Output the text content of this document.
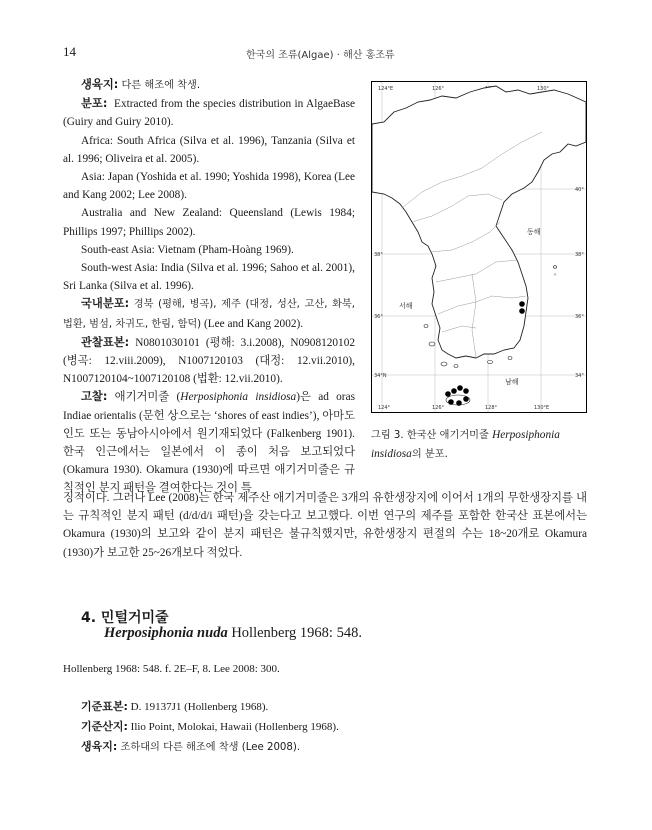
14	한국의 조류(Algae) · 해산 홍조류

생육지: 다른 해조에 착생.

분포: Extracted from the species distribution in AlgaeBase (Guiry and Guiry 2010).

Africa: South Africa (Silva et al. 1996), Tanzania (Silva et al. 1996; Oliveira et al. 2005).

Asia: Japan (Yoshida et al. 1990; Yoshida 1998), Korea (Lee and Kang 2002; Lee 2008).

Australia and New Zealand: Queensland (Lewis 1984; Phillips 1997; Phillips 2002).

South-east Asia: Vietnam (Pham-Hoàng 1969).

South-west Asia: India (Silva et al. 1996; Sahoo et al. 2001), Sri Lanka (Silva et al. 1996).

국내분포: 경북 (평해, 병곡), 제주 (대정, 성산, 고산, 화북, 법환, 범섬, 차귀도, 한림, 함덕) (Lee and Kang 2002).

관찰표본: N0801030101 (평해: 3.i.2008), N0908120102 (병곡: 12.viii.2009), N1007120103 (대정: 12.vii.2010), N1007120104~1007120108 (법환: 12.vii.2010).

고찰: 애기거미줄 (Herposiphonia insidiosa)은 ad oras Indiae orientalis (문헌 상으로는 ‘shores of east indies’), 아마도 인도 또는 동남아시아에서 원기재되었다 (Falkenberg 1901). 한국 인근에서는 일본에서 이 종이 처음 보고되었다 (Okamura 1930). Okamura (1930)에 따르면 애기거미줄은 규칙적인 분지 패턴을 결여한다는 것이 특

124°E	126°	130°
124°	126°	128°	130°E
38°
36°
34°N
40°
38°
36°
34°
동해
서해
남해
ㅈ
그림 3. 한국산 애기거미줄 Herposiphonia insidiosa의 분포.

징적이다. 그러나 Lee (2008)는 한국 제주산 애기거미줄은 3개의 유한생장지에 이어서 1개의 무한생장지를 내는 규칙적인 분지 패턴 (d/d/d/i 패턴)을 갖는다고 보고했다. 이번 연구의 제주를 포함한 한국산 표본에서는 Okamura (1930)의 보고와 같이 분지 패턴은 불규칙했지만, 유한생장지 편절의 수는 18~20개로 Okamura (1930)가 보고한 25~26개보다 적었다.

4. 민털거미줄
Herposiphonia nuda Hollenberg 1968: 548.
Hollenberg 1968: 548. f. 2E–F, 8. Lee 2008: 300.

기준표본: D. 19137J1 (Hollenberg 1968).

기준산지: Ilio Point, Molokai, Hawaii (Hollenberg 1968).

생육지: 조하대의 다른 해조에 착생 (Lee 2008).
